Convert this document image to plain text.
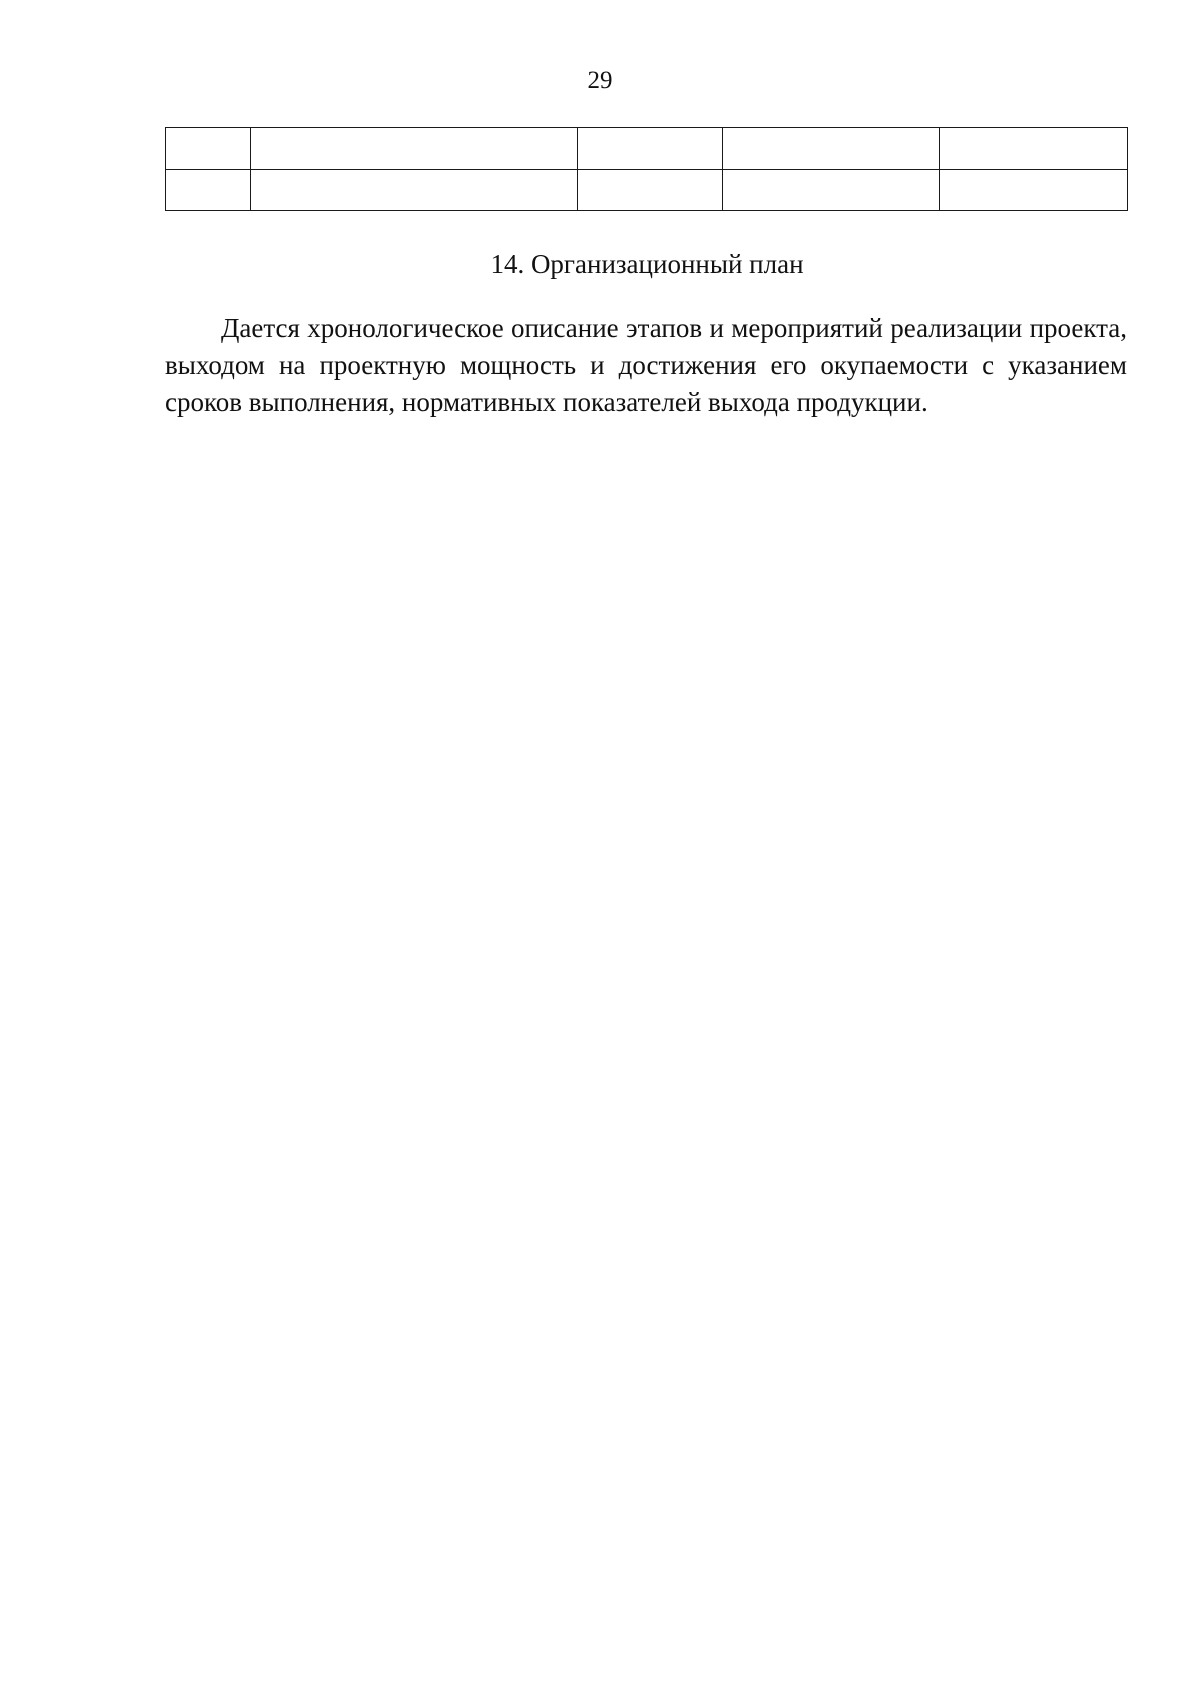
29

14. Организационный план

Дается хронологическое описание этапов и мероприятий реализации проекта, выходом на проектную мощность и достижения его окупаемости с указанием сроков выполнения, нормативных показателей выхода продукции.
